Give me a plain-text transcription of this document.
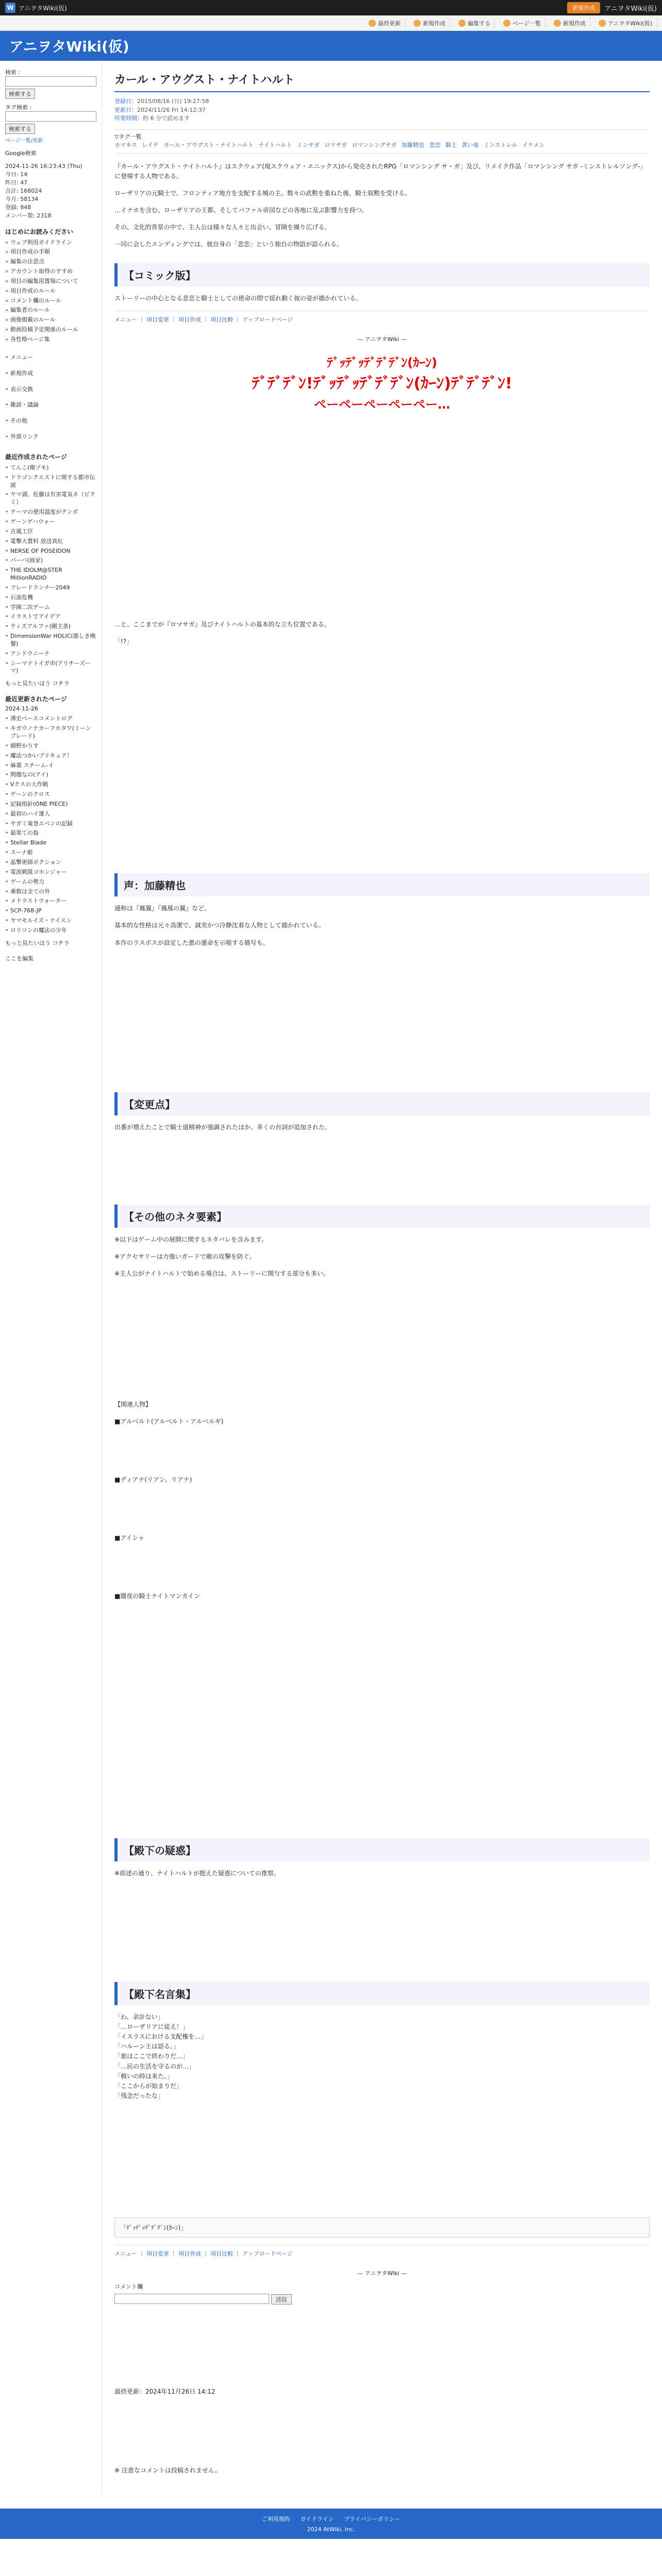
W アニヲタWiki(仮)	新規作成	アニヲタWiki(仮)
最終更新	新規作成	編集する	ページ一覧	新規作成	アニヲタWiki(仮)
アニヲタWiki(仮)
検索 :
検索する
タグ検索 :
検索する
ページ一覧/更新
Google検索
2024-11-26 16:23:43 (Thu)
今日: 14
昨日: 47
合計: 168024
今月: 58134
登録: 848
メンバー数: 2318
はじめにお読みください
» ウェブ利用ガイドライン
» 項目作成の手順
» 編集の注意点
» アカウント取得のすすめ
» 項目の編集用置場について
» 項目作成のルール
» コメント欄のルール
» 編集者のルール
» 画像掲載のルール
» 動画投稿予定関係のルール
» 各性格ページ集
• メニュー
• 新規作成
• 表示交換
• 雑談・議論
• その他
• 外部リンク
最近作成されたページ
• てんこ(俺ゾモ)
• ドラゴンクエストに関する都市伝説
• ヤマ湖、佐藤は有害電気ネ（ピクミ）
• テーマの使用温度がテンポ
• ゲーンゲハウォー
• 古風工臣
• 電撃大賞料 放送真紅
• NERSE OF POSEIDON
• バーバ(画家)
• THE IDOLM@STER MillionRADIO
• フレードランナー2049
• 石油危機
• 学園二次ゲーム
• イラストでアイデア
• ティズアルファ(剛主条)
• DimensionWar HOLIC(悪しき晩餐)
• アンドウニーナ
• シーマナトイガ市(アリチーズーマ)
もっと見たいほう コチラ
最近更新されたページ
2024-11-26
• 薄史ペースコメントログ
• キガウノナカーフホタワ(ミーンプレード)
• 細野かりす
• 魔法つかいプリキュア！
• 麻薬 スチーム-イ
• 問題なの(アイ)
• Vクスの大作戦
• ゲーンのクロス
• 記録指針(ONE PIECE)
• 最初のハイ運人
• ヤガミ竜巻エペンの記録
• 最果ての島
• Stellar Blade
• スーナ姫
• 晶撃術師ポクション
• 電波戦隊ゴホンジャー
• ゲームの勢力
• 乗数は全ての外
• メドラストウォーター
• SCP-768-JP
• ヤマモルイズ・ナイスン
• ロリコンの魔法の少年
もっと見たいほう コチラ
ここを編集
カール・アウグスト・ナイトハルト
登録日：2015/08/16 (日) 19:27:58
更新日：2024/11/26 Fri 14:12:37
所要時間：約 6 分で読めます
▽タグ一覧
カマキス レイテ カール・アウグスト・ナイトハルト ナイトハルト ミンサガ ロマサガ ロマンシングサガ 加藤精也 悲恋 騎士 黄い竜 ミンストレル イケメン

『カール・アウグスト・ナイトハルト』はスクウェア(現スクウェア・エニックス)から発売されたRPG「ロマンシング サ・ガ」及び、リメイク作品「ロマンシング サガ -ミンストレルソング-」に登場する人物である。

ローザリアの元騎士で、フロンティア地方を支配する城の主。数々の武勲を重ねた後、騎士叙勲を受ける。

…イナホを含む、ローザリアの王都、そしてバファル帝国などの各地に及ぶ影響力を持つ。

その、文化的背景の中で、主人公は様々な人々と出会い、冒険を繰り広げる。

一同に会したエンディングでは、彼自身の「悲恋」という独自の物語が語られる。

【コミック版】

ストーリーの中心となる悲恋と騎士としての使命の間で揺れ動く彼の姿が描かれている。

メニュー ｜ 項目変更 ｜ 項目作成 ｜ 項目比較 ｜ アップロードページ
— アニヲタWiki —
ﾃﾞｯﾃﾞｯﾃﾞﾃﾞﾃﾞﾝ(ｶｰﾝ)
ﾃﾞﾃﾞﾃﾞﾝ!ﾃﾞｯﾃﾞｯﾃﾞﾃﾞﾃﾞﾝ(ｶｰﾝ)ﾃﾞﾃﾞﾃﾞﾝ!
ペーペーペーペーペー…

…と、ここまでが『ロマサガ』及びナイトハルトの基本的な立ち位置である。

「!?」

声：加藤精也

通称は『鳳翼』『鳳凰の翼』など。

基本的な性格は元々高潔で、誠実かつ冷静沈着な人物として描かれている。

本作のラスボスが設定した悪の運命を示唆する描写も。

【変更点】

出番が増えたことで騎士道精神が強調されたほか、多くの台詞が追加された。

【その他のネタ要素】

※以下はゲーム中の展開に関するネタバレを含みます。

※アクセサリーは力強いガードで敵の攻撃を防ぐ。

※主人公がナイトハルトで始める場合は、ストーリーに関与する部分も多い。

【関連人物】

■アルベルト(アルベルト・アルベルギ)

■ディアナ(リアン、リアナ)

■アイシャ

■闇夜の騎士ナイトマンカイン

【殿下の疑惑】

※前述の通り、ナイトハルトが抱えた疑惑についての推察。

【殿下名言集】
「わ、余計ない」
「…ローザリアに従え！」
「イスラスにおける支配権を…」
「ハルーン王は語る。」
「旅はここで終わりだ…」
「…民の生活を守るのが…」
「戦いの時は来た。」
「ここからが始まりだ」
「残念だったな」
「ﾃﾞｯﾃﾞｯﾃﾞﾃﾞﾃﾞﾝ(ｶｰﾝ)」
メニュー ｜ 項目変更 ｜ 項目作成 ｜ 項目比較 ｜ アップロードページ
— アニヲタWiki —
コメント欄
送信
最終更新：2024年11月26日 14:12
※ 注意なコメントは投稿されません。
ご利用規約 ガイドライン プライバシーポリシー
2024 AtWiki, Inc.
